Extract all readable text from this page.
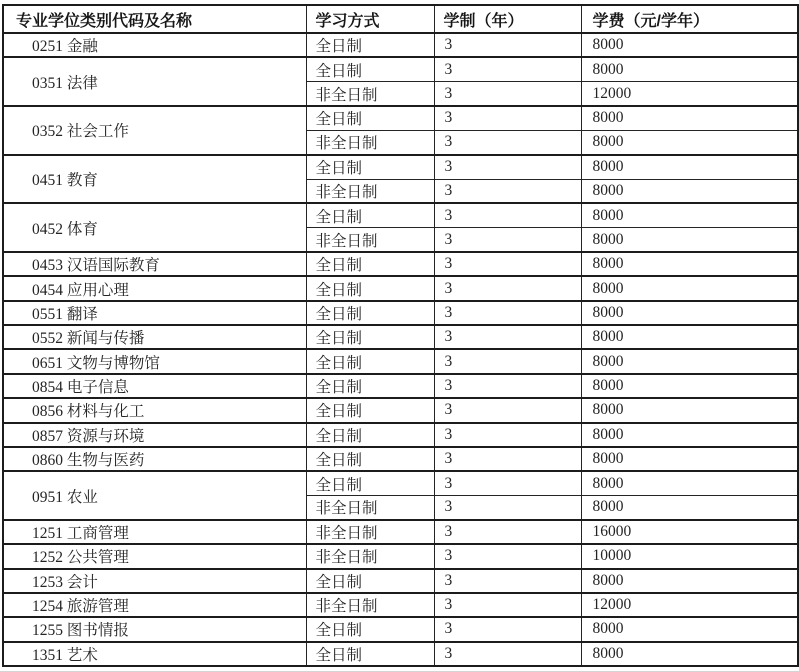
专业学位类别代码及名称	学习方式	学制（年）	学费（元/学年）
0251 金融	全日制	3	8000
0351 法律	全日制	3	8000
	非全日制	3	12000
0352 社会工作	全日制	3	8000
	非全日制	3	8000
0451 教育	全日制	3	8000
	非全日制	3	8000
0452 体育	全日制	3	8000
	非全日制	3	8000
0453 汉语国际教育	全日制	3	8000
0454 应用心理	全日制	3	8000
0551 翻译	全日制	3	8000
0552 新闻与传播	全日制	3	8000
0651 文物与博物馆	全日制	3	8000
0854 电子信息	全日制	3	8000
0856 材料与化工	全日制	3	8000
0857 资源与环境	全日制	3	8000
0860 生物与医药	全日制	3	8000
0951 农业	全日制	3	8000
	非全日制	3	8000
1251 工商管理	非全日制	3	16000
1252 公共管理	非全日制	3	10000
1253 会计	全日制	3	8000
1254 旅游管理	非全日制	3	12000
1255 图书情报	全日制	3	8000
1351 艺术	全日制	3	8000
